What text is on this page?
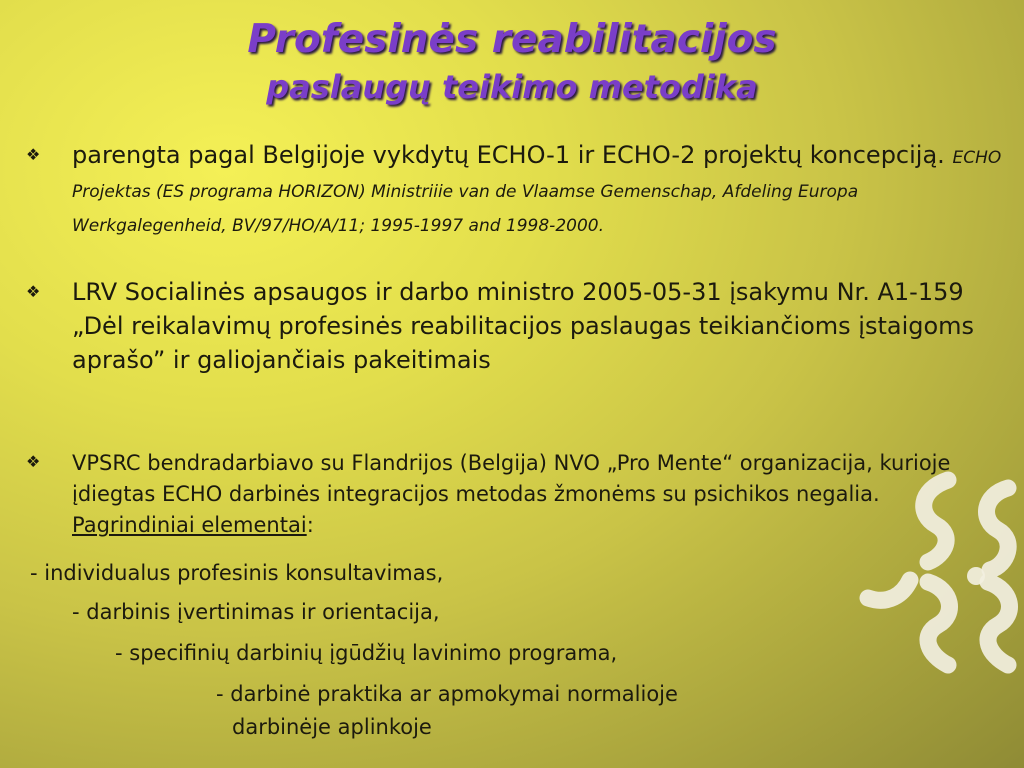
Profesinės reabilitacijos
paslaugų teikimo metodika
❖ parengta pagal Belgijoje vykdytų ECHO-1 ir ECHO-2 projektų koncepciją. ECHO Projektas (ES programa HORIZON) Ministriiie van de Vlaamse Gemenschap, Afdeling Europa Werkgalegenheid, BV/97/HO/A/11; 1995-1997 and 1998-2000.
❖ LRV Socialinės apsaugos ir darbo ministro 2005-05-31 įsakymu Nr. A1-159 „Dėl reikalavimų profesinės reabilitacijos paslaugas teikiančioms įstaigoms aprašo” ir galiojančiais pakeitimais
❖ VPSRC bendradarbiavo su Flandrijos (Belgija) NVO „Pro Mente“ organizacija, kurioje įdiegtas ECHO darbinės integracijos metodas žmonėms su psichikos negalia. Pagrindiniai elementai:
- individualus profesinis konsultavimas,
- darbinis įvertinimas ir orientacija,
- specifinių darbinių įgūdžių lavinimo programa,
- darbinė praktika ar apmokymai normalioje
darbinėje aplinkoje
